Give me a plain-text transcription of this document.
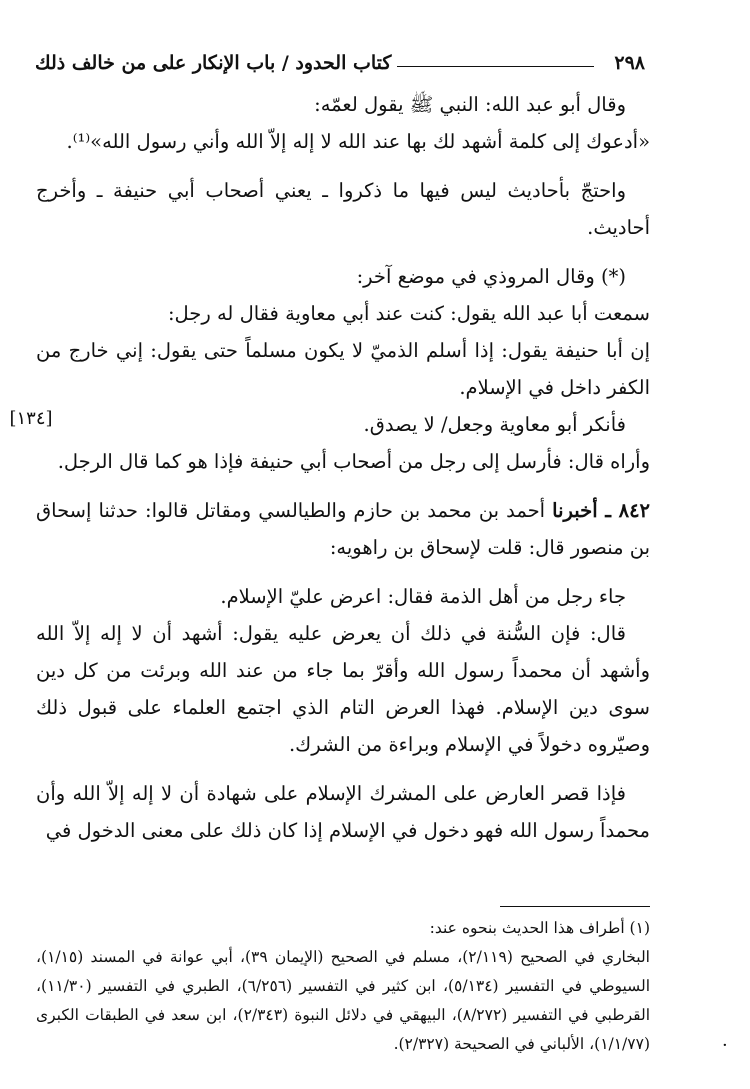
٢٩٨
كتاب الحدود / باب الإنكار على من خالف ذلك

وقال أبو عبد الله: النبي ﷺ يقول لعمّه:

«أدعوك إلى كلمة أشهد لك بها عند الله لا إله إلاّ الله وأني رسول الله»⁽¹⁾.

واحتجّ بأحاديث ليس فيها ما ذكروا ـ يعني أصحاب أبي حنيفة ـ وأخرج أحاديث.

(*) وقال المروذي في موضع آخر:

سمعت أبا عبد الله يقول: كنت عند أبي معاوية فقال له رجل:

إن أبا حنيفة يقول: إذا أسلم الذميّ لا يكون مسلماً حتى يقول: إني خارج من الكفر داخل في الإسلام.

فأنكر أبو معاوية وجعل/ لا يصدق.

وأراه قال: فأرسل إلى رجل من أصحاب أبي حنيفة فإذا هو كما قال الرجل.

٨٤٢ ـ أخبرنا أحمد بن محمد بن حازم والطيالسي ومقاتل قالوا: حدثنا إسحاق بن منصور قال: قلت لإسحاق بن راهويه:

جاء رجل من أهل الذمة فقال: اعرض عليّ الإسلام.

قال: فإن السُّنة في ذلك أن يعرض عليه يقول: أشهد أن لا إله إلاّ الله وأشهد أن محمداً رسول الله وأقرّ بما جاء من عند الله وبرئت من كل دين سوى دين الإسلام. فهذا العرض التام الذي اجتمع العلماء على قبول ذلك وصيّروه دخولاً في الإسلام وبراءة من الشرك.

فإذا قصر العارض على المشرك الإسلام على شهادة أن لا إله إلاّ الله وأن محمداً رسول الله فهو دخول في الإسلام إذا كان ذلك على معنى الدخول في

[١٣٤]

(١) أطراف هذا الحديث بنحوه عند:

البخاري في الصحيح (٢/١١٩)، مسلم في الصحيح (الإيمان ٣٩)، أبي عوانة في المسند (١/١٥)، السيوطي في التفسير (٥/١٣٤)، ابن كثير في التفسير (٦/٢٥٦)، الطبري في التفسير (١١/٣٠)، القرطبي في التفسير (٨/٢٧٢)، البيهقي في دلائل النبوة (٢/٣٤٣)، ابن سعد في الطبقات الكبرى (١/١/٧٧)، الألباني في الصحيحة (٢/٣٢٧).	·
